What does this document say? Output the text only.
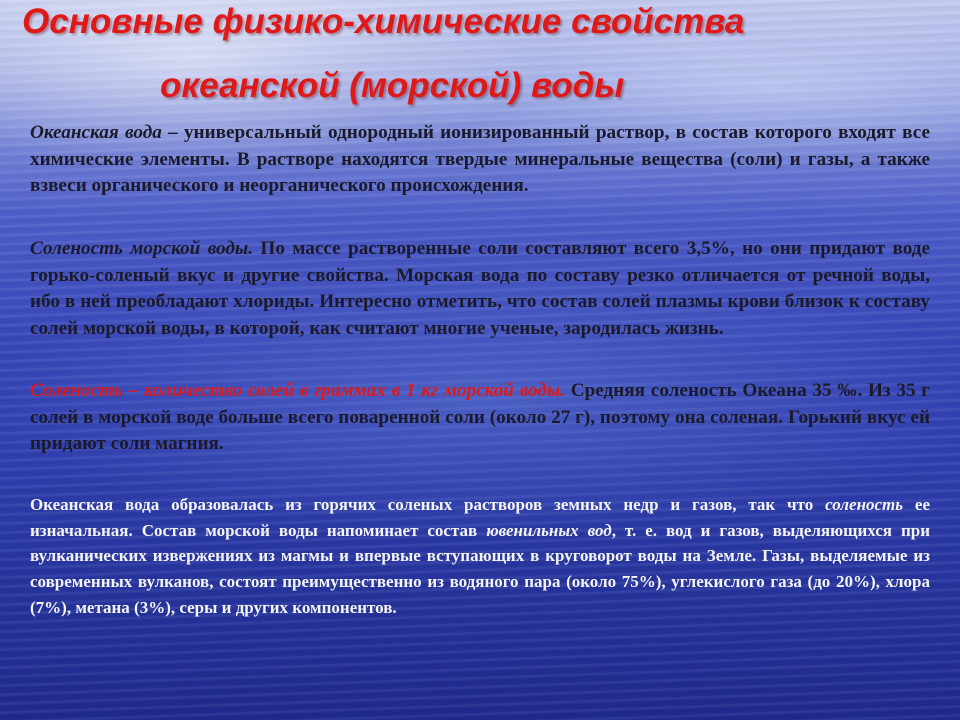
Основные физико-химические свойства
океанской (морской) воды

Океанская вода – универсальный однородный ионизированный раствор, в состав которого входят все химические элементы. В растворе находятся твердые минеральные вещества (соли) и газы, а также взвеси органического и неорганического происхождения.

Соленость морской воды. По массе растворенные соли составляют всего 3,5%, но они придают воде горько-соленый вкус и другие свойства. Морская вода по составу резко отличается от речной воды, ибо в ней преобладают хлориды. Интересно отметить, что состав солей плазмы крови близок к составу солей морской воды, в которой, как считают многие ученые, зародилась жизнь.

Соленость – количество солей в граммах в 1 кг морской воды. Средняя соленость Океана 35 ‰. Из 35 г солей в морской воде больше всего поваренной соли (около 27 г), поэтому она соленая. Горький вкус ей придают соли магния.

Океанская вода образовалась из горячих соленых растворов земных недр и газов, так что соленость ее изначальная. Состав морской воды напоминает состав ювенильных вод, т. е. вод и газов, выделяющихся при вулканических извержениях из магмы и впервые вступающих в круговорот воды на Земле. Газы, выделяемые из современных вулканов, состоят преимущественно из водяного пара (около 75%), углекислого газа (до 20%), хлора (7%), метана (3%), серы и других компонентов.
